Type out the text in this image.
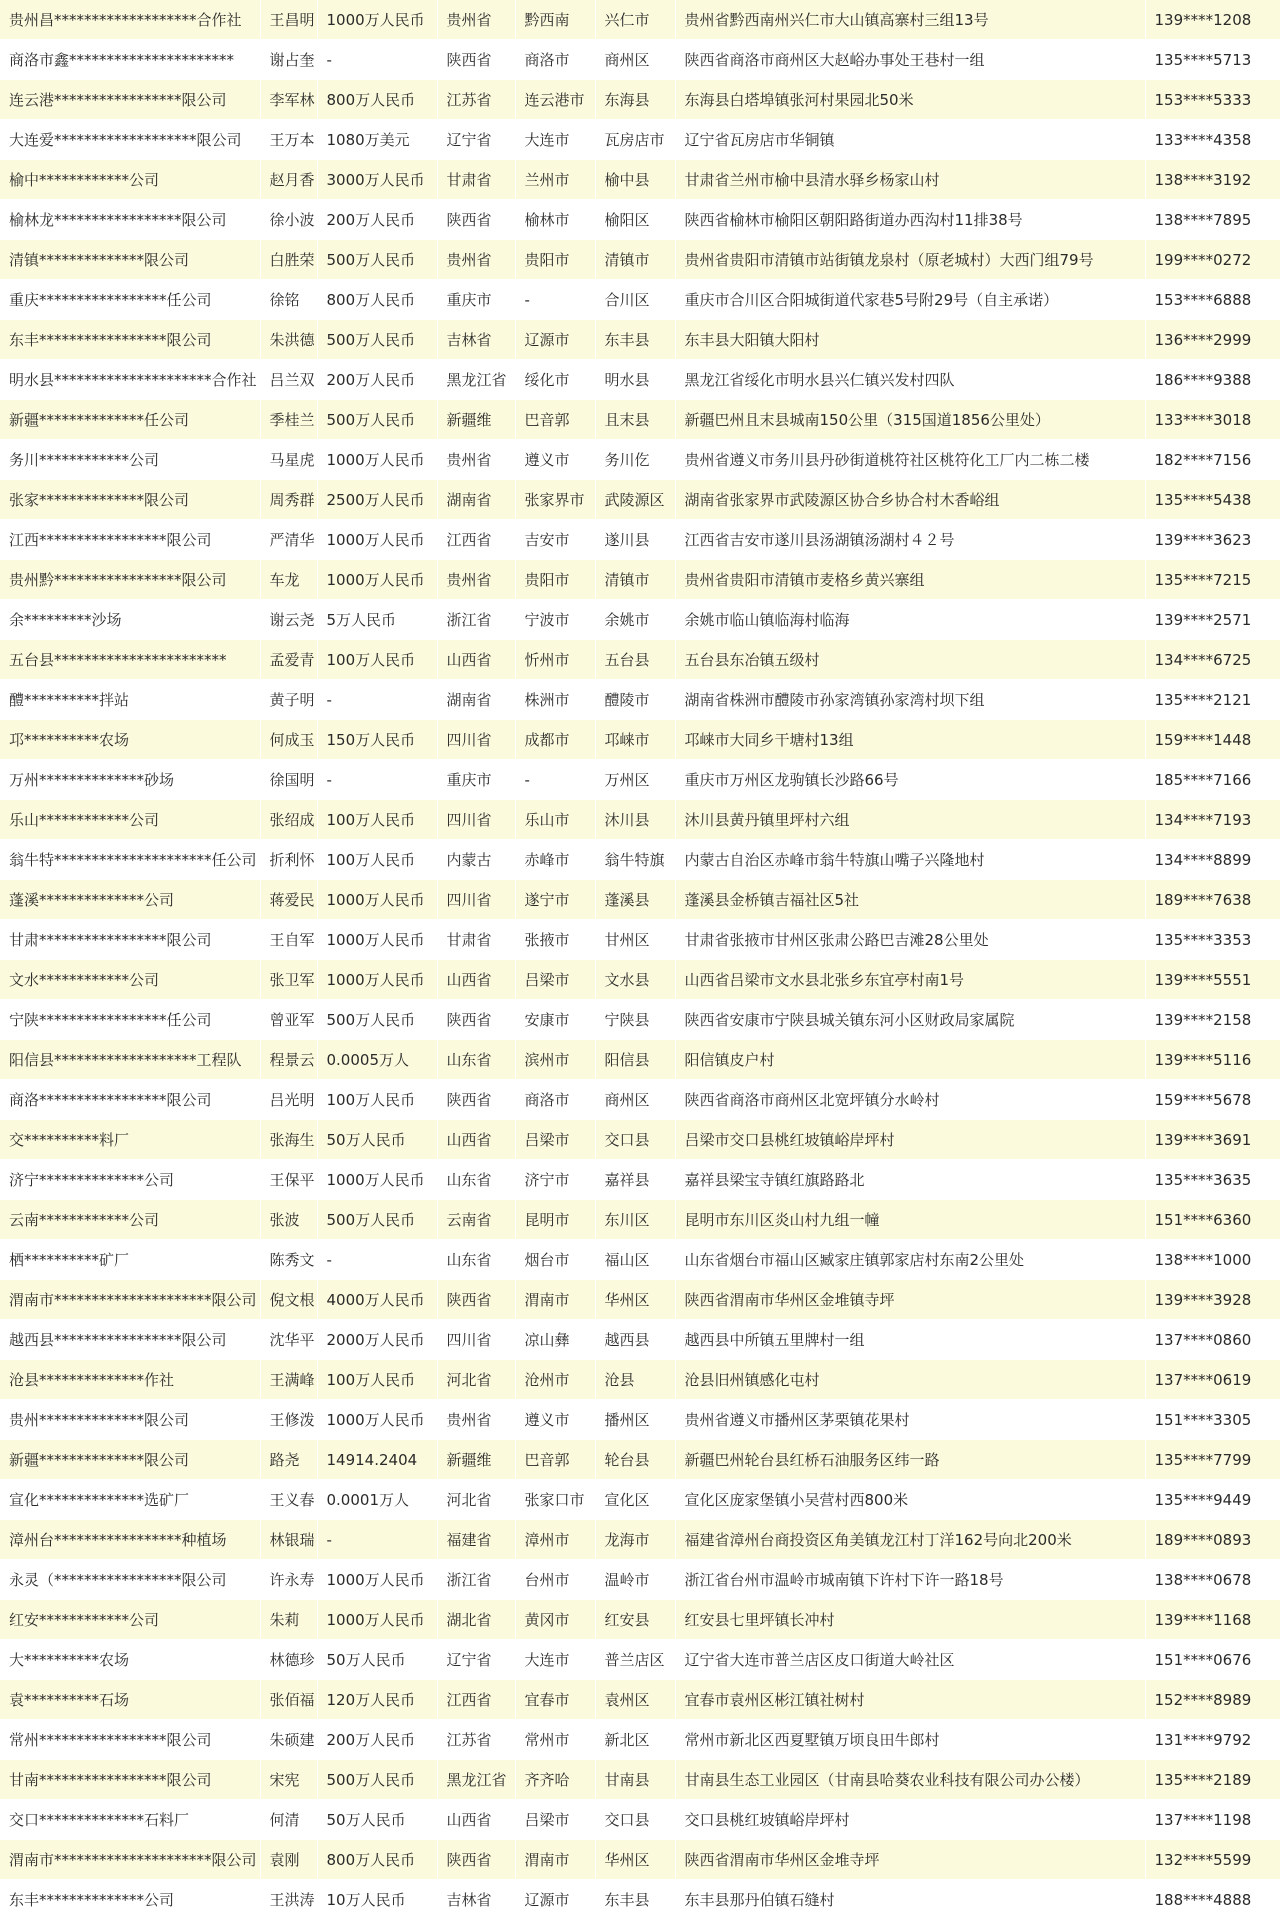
贵州昌*******************合作社	王昌明	1000万人民币	贵州省	黔西南	兴仁市	贵州省黔西南州兴仁市大山镇高寨村三组13号	139****1208
商洛市鑫**********************	谢占奎	-	陕西省	商洛市	商州区	陕西省商洛市商州区大赵峪办事处王巷村一组	135****5713
连云港*****************限公司	李军林	800万人民币	江苏省	连云港市	东海县	东海县白塔埠镇张河村果园北50米	153****5333
大连爱*******************限公司	王万本	1080万美元	辽宁省	大连市	瓦房店市	辽宁省瓦房店市华铜镇	133****4358
榆中************公司	赵月香	3000万人民币	甘肃省	兰州市	榆中县	甘肃省兰州市榆中县清水驿乡杨家山村	138****3192
榆林龙*****************限公司	徐小波	200万人民币	陕西省	榆林市	榆阳区	陕西省榆林市榆阳区朝阳路街道办西沟村11排38号	138****7895
清镇**************限公司	白胜荣	500万人民币	贵州省	贵阳市	清镇市	贵州省贵阳市清镇市站街镇龙泉村（原老城村）大西门组79号	199****0272
重庆*****************任公司	徐铭	800万人民币	重庆市	-	合川区	重庆市合川区合阳城街道代家巷5号附29号（自主承诺）	153****6888
东丰*****************限公司	朱洪德	500万人民币	吉林省	辽源市	东丰县	东丰县大阳镇大阳村	136****2999
明水县*********************合作社	吕兰双	200万人民币	黑龙江省	绥化市	明水县	黑龙江省绥化市明水县兴仁镇兴发村四队	186****9388
新疆**************任公司	季桂兰	500万人民币	新疆维	巴音郭	且末县	新疆巴州且末县城南150公里（315国道1856公里处）	133****3018
务川************公司	马星虎	1000万人民币	贵州省	遵义市	务川仡	贵州省遵义市务川县丹砂街道桃符社区桃符化工厂内二栋二楼	182****7156
张家**************限公司	周秀群	2500万人民币	湖南省	张家界市	武陵源区	湖南省张家界市武陵源区协合乡协合村木香峪组	135****5438
江西*****************限公司	严清华	1000万人民币	江西省	吉安市	遂川县	江西省吉安市遂川县汤湖镇汤湖村４２号	139****3623
贵州黔*****************限公司	车龙	1000万人民币	贵州省	贵阳市	清镇市	贵州省贵阳市清镇市麦格乡黄兴寨组	135****7215
余*********沙场	谢云尧	5万人民币	浙江省	宁波市	余姚市	余姚市临山镇临海村临海	139****2571
五台县***********************	孟爱青	100万人民币	山西省	忻州市	五台县	五台县东冶镇五级村	134****6725
醴**********拌站	黄子明	-	湖南省	株洲市	醴陵市	湖南省株洲市醴陵市孙家湾镇孙家湾村坝下组	135****2121
邛**********农场	何成玉	150万人民币	四川省	成都市	邛崃市	邛崃市大同乡干塘村13组	159****1448
万州**************砂场	徐国明	-	重庆市	-	万州区	重庆市万州区龙驹镇长沙路66号	185****7166
乐山************公司	张绍成	100万人民币	四川省	乐山市	沐川县	沐川县黄丹镇里坪村六组	134****7193
翁牛特*********************任公司	折利怀	100万人民币	内蒙古	赤峰市	翁牛特旗	内蒙古自治区赤峰市翁牛特旗山嘴子兴隆地村	134****8899
蓬溪**************公司	蒋爱民	1000万人民币	四川省	遂宁市	蓬溪县	蓬溪县金桥镇吉福社区5社	189****7638
甘肃*****************限公司	王自军	1000万人民币	甘肃省	张掖市	甘州区	甘肃省张掖市甘州区张肃公路巴吉滩28公里处	135****3353
文水************公司	张卫军	1000万人民币	山西省	吕梁市	文水县	山西省吕梁市文水县北张乡东宜亭村南1号	139****5551
宁陕*****************任公司	曾亚军	500万人民币	陕西省	安康市	宁陕县	陕西省安康市宁陕县城关镇东河小区财政局家属院	139****2158
阳信县*******************工程队	程景云	0.0005万人	山东省	滨州市	阳信县	阳信镇皮户村	139****5116
商洛*****************限公司	吕光明	100万人民币	陕西省	商洛市	商州区	陕西省商洛市商州区北宽坪镇分水岭村	159****5678
交**********料厂	张海生	50万人民币	山西省	吕梁市	交口县	吕梁市交口县桃红坡镇峪岸坪村	139****3691
济宁**************公司	王保平	1000万人民币	山东省	济宁市	嘉祥县	嘉祥县梁宝寺镇红旗路路北	135****3635
云南************公司	张波	500万人民币	云南省	昆明市	东川区	昆明市东川区炎山村九组一幢	151****6360
栖**********矿厂	陈秀文	-	山东省	烟台市	福山区	山东省烟台市福山区臧家庄镇郭家店村东南2公里处	138****1000
渭南市*********************限公司	倪文根	4000万人民币	陕西省	渭南市	华州区	陕西省渭南市华州区金堆镇寺坪	139****3928
越西县*****************限公司	沈华平	2000万人民币	四川省	凉山彝	越西县	越西县中所镇五里牌村一组	137****0860
沧县**************作社	王满峰	100万人民币	河北省	沧州市	沧县	沧县旧州镇感化屯村	137****0619
贵州**************限公司	王修泼	1000万人民币	贵州省	遵义市	播州区	贵州省遵义市播州区茅栗镇花果村	151****3305
新疆**************限公司	路尧	14914.2404	新疆维	巴音郭	轮台县	新疆巴州轮台县红桥石油服务区纬一路	135****7799
宣化**************选矿厂	王义春	0.0001万人	河北省	张家口市	宣化区	宣化区庞家堡镇小吴营村西800米	135****9449
漳州台*****************种植场	林银瑞	-	福建省	漳州市	龙海市	福建省漳州台商投资区角美镇龙江村丁洋162号向北200米	189****0893
永灵（*****************限公司	许永寿	1000万人民币	浙江省	台州市	温岭市	浙江省台州市温岭市城南镇下许村下许一路18号	138****0678
红安************公司	朱莉	1000万人民币	湖北省	黄冈市	红安县	红安县七里坪镇长冲村	139****1168
大**********农场	林德珍	50万人民币	辽宁省	大连市	普兰店区	辽宁省大连市普兰店区皮口街道大岭社区	151****0676
袁**********石场	张佰福	120万人民币	江西省	宜春市	袁州区	宜春市袁州区彬江镇社树村	152****8989
常州*****************限公司	朱硕建	200万人民币	江苏省	常州市	新北区	常州市新北区西夏墅镇万顷良田牛郎村	131****9792
甘南*****************限公司	宋宪	500万人民币	黑龙江省	齐齐哈	甘南县	甘南县生态工业园区（甘南县哈葵农业科技有限公司办公楼）	135****2189
交口**************石料厂	何清	50万人民币	山西省	吕梁市	交口县	交口县桃红坡镇峪岸坪村	137****1198
渭南市*********************限公司	袁刚	800万人民币	陕西省	渭南市	华州区	陕西省渭南市华州区金堆寺坪	132****5599
东丰**************公司	王洪涛	10万人民币	吉林省	辽源市	东丰县	东丰县那丹伯镇石缝村	188****4888
